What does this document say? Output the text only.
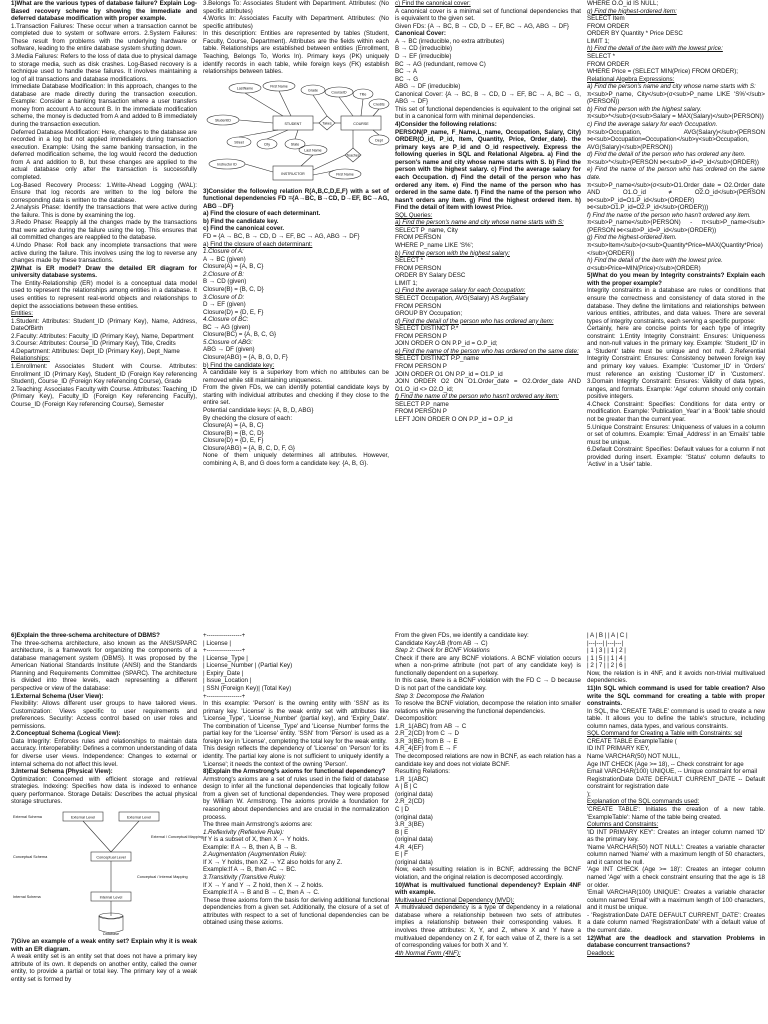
1)What are the various types of database failure? Explain Log-Based recovery scheme by showing the immediate and deferred database modification with proper example.

1.Transaction Failures: These occur when a transaction cannot be completed due to system or software errors. 2.System Failures: These result from problems with the underlying hardware or software, leading to the entire database system shutting down.

3.Media Failures: Refers to the loss of data due to physical damage to storage media, such as disk crashes. Log-Based recovery is a technique used to handle these failures. It involves maintaining a log of all transactions and database modifications.

Immediate Database Modification: In this approach, changes to the database are made directly during the transaction execution. Example: Consider a banking transaction where a user transfers money from account A to account B. In the immediate modification scheme, the money is deducted from A and added to B immediately during the transaction execution.

Deferred Database Modification: Here, changes to the database are recorded in a log but not applied immediately during transaction execution. Example: Using the same banking transaction, in the deferred modification scheme, the log would record the deduction from A and addition to B, but these changes are applied to the actual database only after the transaction is successfully completed.

Log-Based Recovery Process: 1.Write-Ahead Logging (WAL): Ensure that log records are written to the log before the corresponding data is written to the database.

2.Analysis Phase: Identify the transactions that were active during the failure. This is done by examining the log.

3.Redo Phase: Reapply all the changes made by the transactions that were active during the failure using the log. This ensures that all committed changes are reapplied to the database.

4.Undo Phase: Roll back any incomplete transactions that were active during the failure. This involves using the log to reverse any changes made by these transactions.

2)What is ER model? Draw the detailed ER diagram for university database systems.

The Entity-Relationship (ER) model is a conceptual data model used to represent the relationships among entities in a database. It uses entities to represent real-world objects and relationships to depict the associations between these entities.

Entities:

1.Student: Attributes: Student_ID (Primary Key), Name, Address, DateOfBirth

2.Faculty: Attributes: Faculty_ID (Primary Key), Name, Department

3.Course: Attributes: Course_ID (Primary Key), Title, Credits

4.Department: Attributes: Dept_ID (Primary Key), Dept_Name

Relationships:

1.Enrollment: Associates Student with Course. Attributes: Enrollment_ID (Primary Key), Student_ID (Foreign Key referencing Student), Course_ID (Foreign Key referencing Course), Grade

2.Teaching: Associates Faculty with Course. Attributes: Teaching_ID (Primary Key), Faculty_ID (Foreign Key referencing Faculty), Course_ID (Foreign Key referencing Course), Semester

3.Belongs To: Associates Student with Department. Attributes: (No specific attributes)

4.Works In: Associates Faculty with Department. Attributes: (No specific attributes)

In this description: Entities are represented by tables (Student, Faculty, Course, Department). Attributes are the fields within each table. Relationships are established between entities (Enrollment, Teaching, Belongs To, Works In). Primary keys (PK) uniquely identify records in each table, while foreign keys (FK) establish relationships between tables.

STUDENT	COURSE
INSTRUCTOR
Takes
Teaches
LastName	First Name
Grade
StudentID
Street	City	State
CourseID	Title
Credits
Dept
Instructor ID
Last Name
First Name

3)Consider the following relation R(A,B,C,D,E,F) with a set of functional dependencies FD ={A→BC, B→CD, D→EF, BC→AG, ABG→DF}

a) Find the closure of each determinant.

b) Find the candidate key.

c) Find the canonical cover.

FD = {A → BC, B → CD, D → EF, BC → AG, ABG → DF}

a) Find the closure of each determinant:

1.Closure of A:

A → BC (given)

Closure(A) = {A, B, C}

2.Closure of B:

B → CD (given)

Closure(B) = {B, C, D}

3.Closure of D:

D → EF (given)

Closure(D) = {D, E, F}

4.Closure of BC:

BC → AG (given)

Closure(BC) = {A, B, C, G}

5.Closure of ABG:

ABG → DF (given)

Closure(ABG) = {A, B, G, D, F}

b) Find the candidate key:

A candidate key is a superkey from which no attributes can be removed while still maintaining uniqueness.

From the given FDs, we can identify potential candidate keys by starting with individual attributes and checking if they close to the entire set.

Potential candidate keys: {A, B, D, ABG}

By checking the closure of each:

Closure(A) = {A, B, C}

Closure(B) = {B, C, D}

Closure(D) = {D, E, F}

Closure(ABG) = {A, B, C, D, F, G}

None of them uniquely determines all attributes. However, combining A, B, and G does form a candidate key: {A, B, G}.

c) Find the canonical cover:

A canonical cover is a minimal set of functional dependencies that is equivalent to the given set.

Given FDs: {A → BC, B → CD, D → EF, BC → AG, ABG → DF}

Canonical Cover:

A → BC (irreducible, no extra attributes)

B → CD (irreducible)

D → EF (irreducible)

BC → AG (redundant, remove C)

BC → A

BC → G

ABG → DF (irreducible)

Canonical Cover: {A → BC, B → CD, D → EF, BC → A, BC → G, ABG → DF}

This set of functional dependencies is equivalent to the original set but in a canonical form with minimal dependencies.

4)Consider the following relations:

PERSON(P_name, F_Name,L_name, Occupation, Salary, City) ORDER(O_id, P_id, Item, Quantity, Price, Order_date). the primary keys are P_id and O_id respectively. Express the following queries in SQL and Relational Algebra. a) Find the person's name and city whose name starts with S. b) Find the person with the highest salary. c) Find the average salary for each Occupation. d) Find the detail of the person who has ordered any item. e) Find the name of the person who has ordered in the same date. f) Find the name of the person who hasn't orders any item. g) Find the highest ordered item. h) Find the detail of item with lowest Price.

SQL Queries:

a) Find the person's name and city whose name starts with S:

SELECT P_name, City

FROM PERSON

WHERE P_name LIKE 'S%';

b) Find the person with the highest salary:

SELECT *

FROM PERSON

ORDER BY Salary DESC

LIMIT 1;

c) Find the average salary for each Occupation:

SELECT Occupation, AVG(Salary) AS AvgSalary

FROM PERSON

GROUP BY Occupation;

d) Find the detail of the person who has ordered any item:

SELECT DISTINCT P.*

FROM PERSON P

JOIN ORDER O ON P.P_id = O.P_id;

e) Find the name of the person who has ordered on the same date:

SELECT DISTINCT P.P_name

FROM PERSON P

JOIN ORDER O1 ON P.P_id = O1.P_id

JOIN ORDER O2 ON O1.Order_date = O2.Order_date AND O1.O_id <> O2.O_id;

f) Find the name of the person who hasn't ordered any item:

SELECT P.P_name

FROM PERSON P

LEFT JOIN ORDER O ON P.P_id = O.P_id

WHERE O.O_id IS NULL;

g) Find the highest-ordered item:

SELECT Item

FROM ORDER

ORDER BY Quantity * Price DESC

LIMIT 1;

h) Find the detail of the item with the lowest price:

SELECT *

FROM ORDER

WHERE Price = (SELECT MIN(Price) FROM ORDER);

Relational Algebra Expressions:

a) Find the person's name and city whose name starts with S:

π<sub>P_name, City</sub>(σ<sub>P_name LIKE 'S%'</sub>(PERSON))

b) Find the person with the highest salary.

π<sub>*</sub>(σ<sub>Salary = MAX(Salary)</sub>(PERSON))

c) Find the average salary for each Occupation.

π<sub>Occupation, AVG(Salary)</sub>(PERSON ⋈<sub>Occupation=Occupation</sub>γ<sub>Occupation, AVG(Salary)</sub>(PERSON))

d) Find the detail of the person who has ordered any item.

π<sub>*</sub>(PERSON ⋈<sub>P_id=P_id</sub>(ORDER))

e) Find the name of the person who has ordered on the same date.

π<sub>P_name</sub>(σ<sub>O1.Order_date = O2.Order_date AND O1.O_id ≠ O2.O_id</sub>(PERSON ⋈<sub>P_id=O1.P_id</sub>(ORDER) ⋈<sub>O1.P_id=O2.P_id</sub>(ORDER)))

f) Find the name of the person who hasn't ordered any item.

π<sub>P_name</sub>(PERSON) - π<sub>P_name</sub>(PERSON ⋈<sub>P_id=P_id</sub>(ORDER))

g) Find the highest-ordered item.

π<sub>Item</sub>(σ<sub>Quantity*Price=MAX(Quantity*Price)</sub>(ORDER))

h) Find the detail of the item with the lowest price.

σ<sub>Price=MIN(Price)</sub>(ORDER)

5)What do you mean by Integrity constraints? Explain each with the proper example?

Integrity constraints in a database are rules or conditions that ensure the correctness and consistency of data stored in the database. They define the limitations and relationships between various entities, attributes, and data values. There are several types of integrity constraints, each serving a specific purpose:

Certainly, here are concise points for each type of integrity constraint: 1.Entity Integrity Constraint: Ensures: Uniqueness and non-null values in the primary key. Example: 'Student_ID' in a 'Student' table must be unique and not null. 2.Referential Integrity Constraint: Ensures: Consistency between foreign key and primary key values. Example: 'Customer_ID' in 'Orders' must reference an existing 'Customer_ID' in 'Customers'. 3.Domain Integrity Constraint: Ensures: Validity of data types, ranges, and formats. Example: 'Age' column should only contain positive integers.

4.Check Constraint: Specifies: Conditions for data entry or modification. Example: 'Publication_Year' in a 'Book' table should not be greater than the current year.

5.Unique Constraint: Ensures: Uniqueness of values in a column or set of columns. Example: 'Email_Address' in an 'Emails' table must be unique.

6.Default Constraint: Specifies: Default values for a column if not provided during insert. Example: 'Status' column defaults to 'Active' in a 'User' table.

6)Explain the three-schema architecture of DBMS?

The three-schema architecture, also known as the ANSI/SPARC architecture, is a framework for organizing the components of a database management system (DBMS). It was proposed by the American National Standards Institute (ANSI) and the Standards Planning and Requirements Committee (SPARC). The architecture is divided into three levels, each representing a different perspective or view of the database:

1.External Schema (User View):

Flexibility: Allows different user groups to have tailored views. Customization: Views specific to user requirements and preferences. Security: Access control based on user roles and permissions.

2.Conceptual Schema (Logical View):

Data Integrity: Enforces rules and relationships to maintain data accuracy. Interoperability: Defines a common understanding of data for diverse user views. Independence: Changes to external or internal schema do not affect this level.

3.Internal Schema (Physical View):

Optimization: Concerned with efficient storage and retrieval strategies. Indexing: Specifies how data is indexed to enhance query performance. Storage Details: Describes the actual physical storage structures.

External Schema	External Level	External Level
External / Conceptual Mapping
Conceptual Schema	Conceptual Level
Conceptual / Internal Mapping
Internal Schema	Internal Level
Database

7)Give an example of a weak entity set? Explain why it is weak with an ER diagram.

A weak entity set is an entity set that does not have a primary key attribute of its own. It depends on another entity, called the owner entity, to provide a partial or total key. The primary key of a weak entity set is formed by

+-----------------+

| License |

+-----------------+

| License_Type |

| License_Number | (Partial Key)

| Expiry_Date |

| Issue_Location |

| SSN (Foreign Key)| (Total Key)

+-----------------+

In this example: 'Person' is the owning entity with 'SSN' as its primary key. 'License' is the weak entity set with attributes like 'License_Type', 'License_Number' (partial key), and 'Expiry_Date'. The combination of 'License_Type' and 'License_Number' forms the partial key for the 'License' entity. 'SSN' from 'Person' is used as a foreign key in 'License', completing the total key for the weak entity.

This design reflects the dependency of 'License' on 'Person' for its identity. The partial key alone is not sufficient to uniquely identify a 'License'; it needs the context of the owning 'Person'.

8)Explain the Armstrong's axioms for functional dependency?

Armstrong's axioms are a set of rules used in the field of database design to infer all the functional dependencies that logically follow from a given set of functional dependencies. They were proposed by William W. Armstrong. The axioms provide a foundation for reasoning about dependencies and are crucial in the normalization process.

The three main Armstrong's axioms are:

1.Reflexivity (Reflexive Rule):

If Y is a subset of X, then X → Y holds.

Example: If A → B, then A, B → B.

2.Augmentation (Augmentation Rule):

If X → Y holds, then XZ → YZ also holds for any Z.

Example:If A → B, then AC → BC.

3.Transitivity (Transitive Rule):

If X → Y and Y → Z hold, then X → Z holds.

Example:If A → B and B → C, then A → C.

These three axioms form the basis for deriving additional functional dependencies from a given set. Additionally, the closure of a set of attributes with respect to a set of functional dependencies can be obtained using these axioms.

From the given FDs, we identify a candidate key:

Candidate Key:AB (from AB → C)

Step 2: Check for BCNF Violations

Check if there are any BCNF violations. A BCNF violation occurs when a non-prime attribute (not part of any candidate key) is functionally dependent on a superkey.

In this case, there is a BCNF violation with the FD C → D because D is not part of the candidate key.

Step 3: Decompose the Relation

To resolve the BCNF violation, decompose the relation into smaller relations while preserving the functional dependencies.

Decomposition:

1.R_1(ABC) from AB → C

2.R_2(CD) from C → D

3.R_3(BE) from B → E

4.R_4(EF) from E → F

The decomposed relations are now in BCNF, as each relation has a candidate key and does not violate BCNF.

Resulting Relations:

1.R_1(ABC)

A | B | C

(original data)

2.R_2(CD)

C | D

(original data)

3.R_3(BE)

B | E

(original data)

4.R_4(EF)

E | F

(original data)

Now, each resulting relation is in BCNF, addressing the BCNF violation, and the original relation is decomposed accordingly.

10)What is multivalued functional dependency? Explain 4NF with example.

Multivalued Functional Dependency (MVD):

A multivalued dependency is a type of dependency in a relational database where a relationship between two sets of attributes implies a relationship between their corresponding values. It involves three attributes: X, Y, and Z, where X and Y have a multivalued dependency on Z if, for each value of Z, there is a set of corresponding values for both X and Y.

4th Normal Form (4NF):

| A | B | | A | C |

|---|---| |---|---|

| 1 | 3 | | 1 | 2 |

| 1 | 5 | | 1 | 4 |

| 2 | 7 | | 2 | 6 |

Now, the relation is in 4NF, and it avoids non-trivial multivalued dependencies.

11)In SQL which command is used for table creation? Also write the SQL command for creating a table with proper constraints.

In SQL, the 'CREATE TABLE' command is used to create a new table. It allows you to define the table's structure, including column names, data types, and various constraints.

SQL Command for Creating a Table with Constraints: sql

CREATE TABLE ExampleTable (

ID INT PRIMARY KEY,

Name VARCHAR(50) NOT NULL,

Age INT CHECK (Age >= 18), -- Check constraint for age

Email VARCHAR(100) UNIQUE, -- Unique constraint for email

RegistrationDate DATE DEFAULT CURRENT_DATE -- Default constraint for registration date

);

Explanation of the SQL commands used:

'CREATE TABLE': Initiates the creation of a new table. 'ExampleTable': Name of the table being created.

Columns and Constraints:

'ID INT PRIMARY KEY': Creates an integer column named 'ID' as the primary key.

'Name VARCHAR(50) NOT NULL': Creates a variable character column named 'Name' with a maximum length of 50 characters, and it cannot be null.

'Age INT CHECK (Age >= 18)': Creates an integer column named 'Age' with a check constraint ensuring that the age is 18 or older.

'Email VARCHAR(100) UNIQUE': Creates a variable character column named 'Email' with a maximum length of 100 characters, and it must be unique.

- 'RegistrationDate DATE DEFAULT CURRENT_DATE': Creates a date column named 'RegistrationDate' with a default value of the current date.

12)What are the deadlock and starvation Problems in database concurrent transactions?

Deadlock:
